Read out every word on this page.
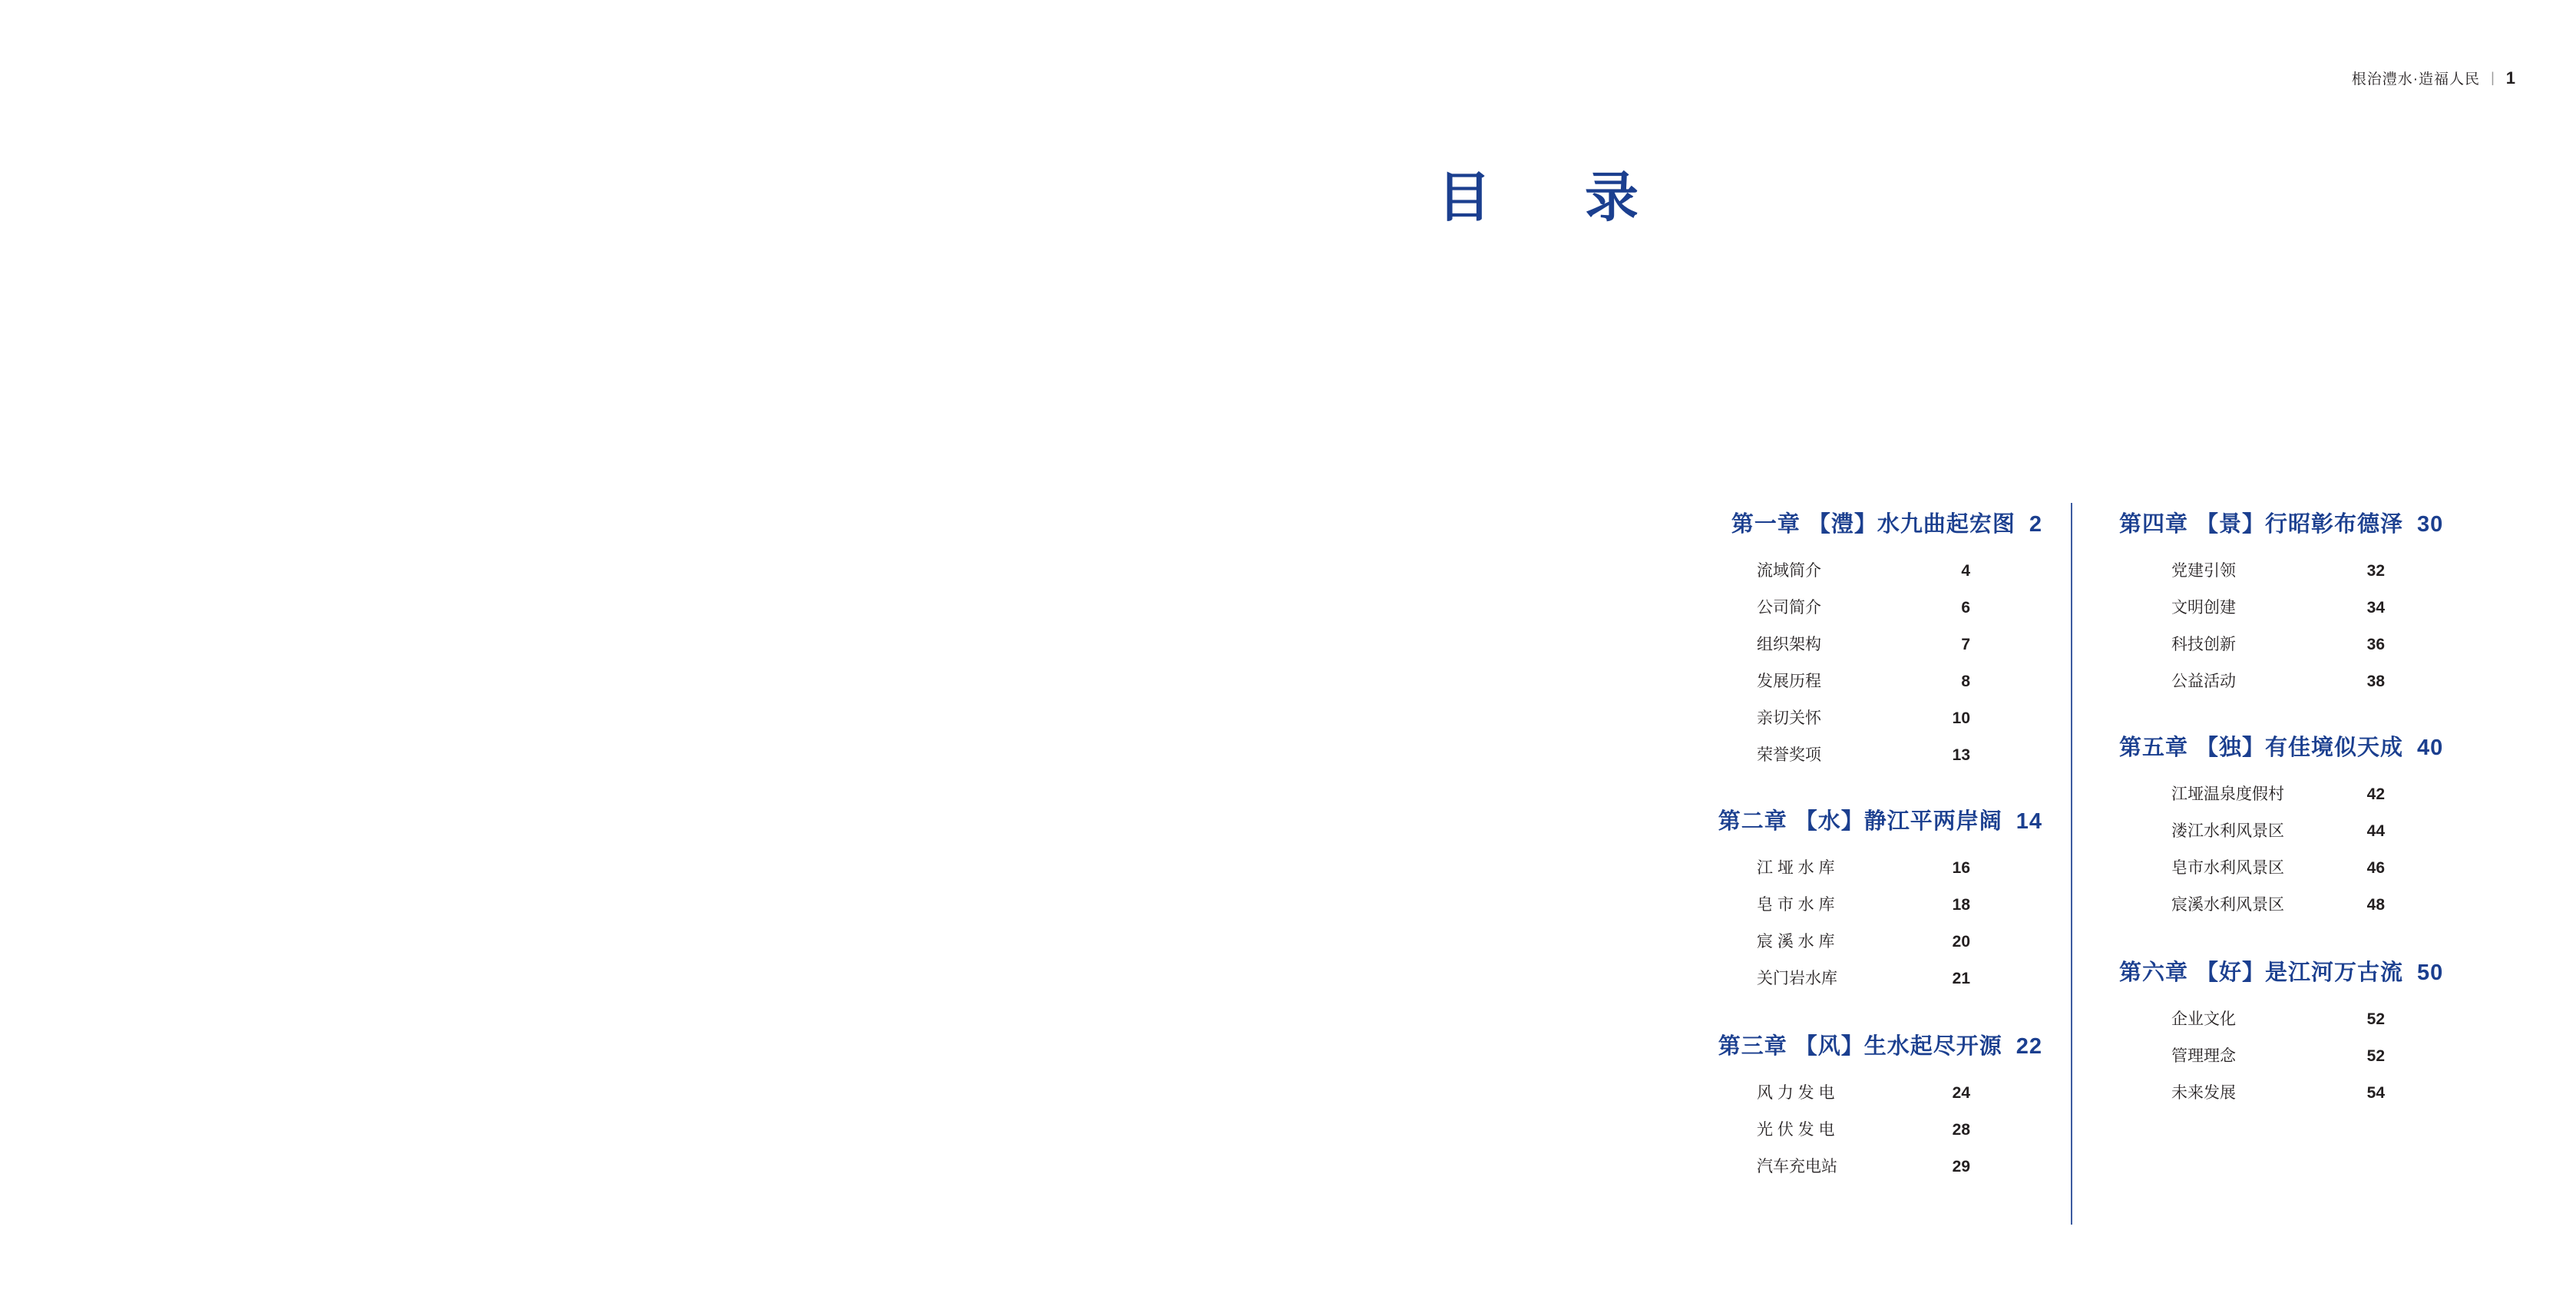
根治澧水·造福人民 | 1
目　录
第一章 【澧】水九曲起宏图 2
流域简介	4
公司简介	6
组织架构	7
发展历程	8
亲切关怀	10
荣誉奖项	13
第二章 【水】静江平两岸阔 14
江 垭 水 库	16
皂 市 水 库	18
宸 溪 水 库	20
关门岩水库	21
第三章 【风】生水起尽开源 22
风 力 发 电	24
光 伏 发 电	28
汽车充电站	29
第四章 【景】行昭彰布德泽 30
党建引领	32
文明创建	34
科技创新	36
公益活动	38
第五章 【独】有佳境似天成 40
江垭温泉度假村	42
溇江水利风景区	44
皂市水利风景区	46
宸溪水利风景区	48
第六章 【好】是江河万古流 50
企业文化	52
管理理念	52
未来发展	54
